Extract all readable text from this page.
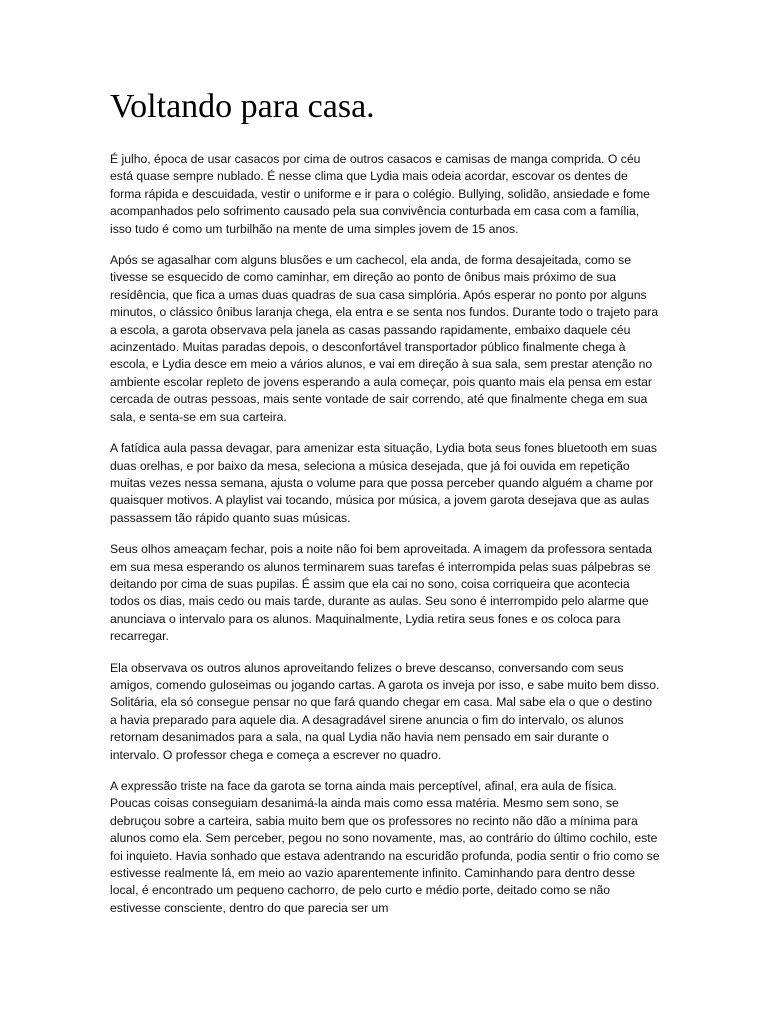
Voltando para casa.

É julho, época de usar casacos por cima de outros casacos e camisas de manga comprida. O céu está quase sempre nublado. É nesse clima que Lydia mais odeia acordar, escovar os dentes de forma rápida e descuidada, vestir o uniforme e ir para o colégio. Bullying, solidão, ansiedade e fome acompanhados pelo sofrimento causado pela sua convivência conturbada em casa com a família, isso tudo é como um turbilhão na mente de uma simples jovem de 15 anos.

Após se agasalhar com alguns blusões e um cachecol, ela anda, de forma desajeitada, como se tivesse se esquecido de como caminhar, em direção ao ponto de ônibus mais próximo de sua residência, que fica a umas duas quadras de sua casa simplória. Após esperar no ponto por alguns minutos, o clássico ônibus laranja chega, ela entra e se senta nos fundos. Durante todo o trajeto para a escola, a garota observava pela janela as casas passando rapidamente, embaixo daquele céu acinzentado. Muitas paradas depois, o desconfortável transportador público finalmente chega à escola, e Lydia desce em meio a vários alunos, e vai em direção à sua sala, sem prestar atenção no ambiente escolar repleto de jovens esperando a aula começar, pois quanto mais ela pensa em estar cercada de outras pessoas, mais sente vontade de sair correndo, até que finalmente chega em sua sala, e senta-se em sua carteira.

A fatídica aula passa devagar, para amenizar esta situação, Lydia bota seus fones bluetooth em suas duas orelhas, e por baixo da mesa, seleciona a música desejada, que já foi ouvida em repetição muitas vezes nessa semana, ajusta o volume para que possa perceber quando alguém a chame por quaisquer motivos. A playlist vai tocando, música por música, a jovem garota desejava que as aulas passassem tão rápido quanto suas músicas.

Seus olhos ameaçam fechar, pois a noite não foi bem aproveitada. A imagem da professora sentada em sua mesa esperando os alunos terminarem suas tarefas é interrompida pelas suas pálpebras se deitando por cima de suas pupilas. É assim que ela cai no sono, coisa corriqueira que acontecia todos os dias, mais cedo ou mais tarde, durante as aulas. Seu sono é interrompido pelo alarme que anunciava o intervalo para os alunos. Maquinalmente, Lydia retira seus fones e os coloca para recarregar.

Ela observava os outros alunos aproveitando felizes o breve descanso, conversando com seus amigos, comendo guloseimas ou jogando cartas. A garota os inveja por isso, e sabe muito bem disso. Solitária, ela só consegue pensar no que fará quando chegar em casa. Mal sabe ela o que o destino a havia preparado para aquele dia. A desagradável sirene anuncia o fim do intervalo, os alunos retornam desanimados para a sala, na qual Lydia não havia nem pensado em sair durante o intervalo. O professor chega e começa a escrever no quadro.

A expressão triste na face da garota se torna ainda mais perceptível, afinal, era aula de física. Poucas coisas conseguiam desanimá-la ainda mais como essa matéria. Mesmo sem sono, se debruçou sobre a carteira, sabia muito bem que os professores no recinto não dão a mínima para alunos como ela. Sem perceber, pegou no sono novamente, mas, ao contrário do último cochilo, este foi inquieto. Havia sonhado que estava adentrando na escuridão profunda, podia sentir o frio como se estivesse realmente lá, em meio ao vazio aparentemente infinito. Caminhando para dentro desse local, é encontrado um pequeno cachorro, de pelo curto e médio porte, deitado como se não estivesse consciente, dentro do que parecia ser um
